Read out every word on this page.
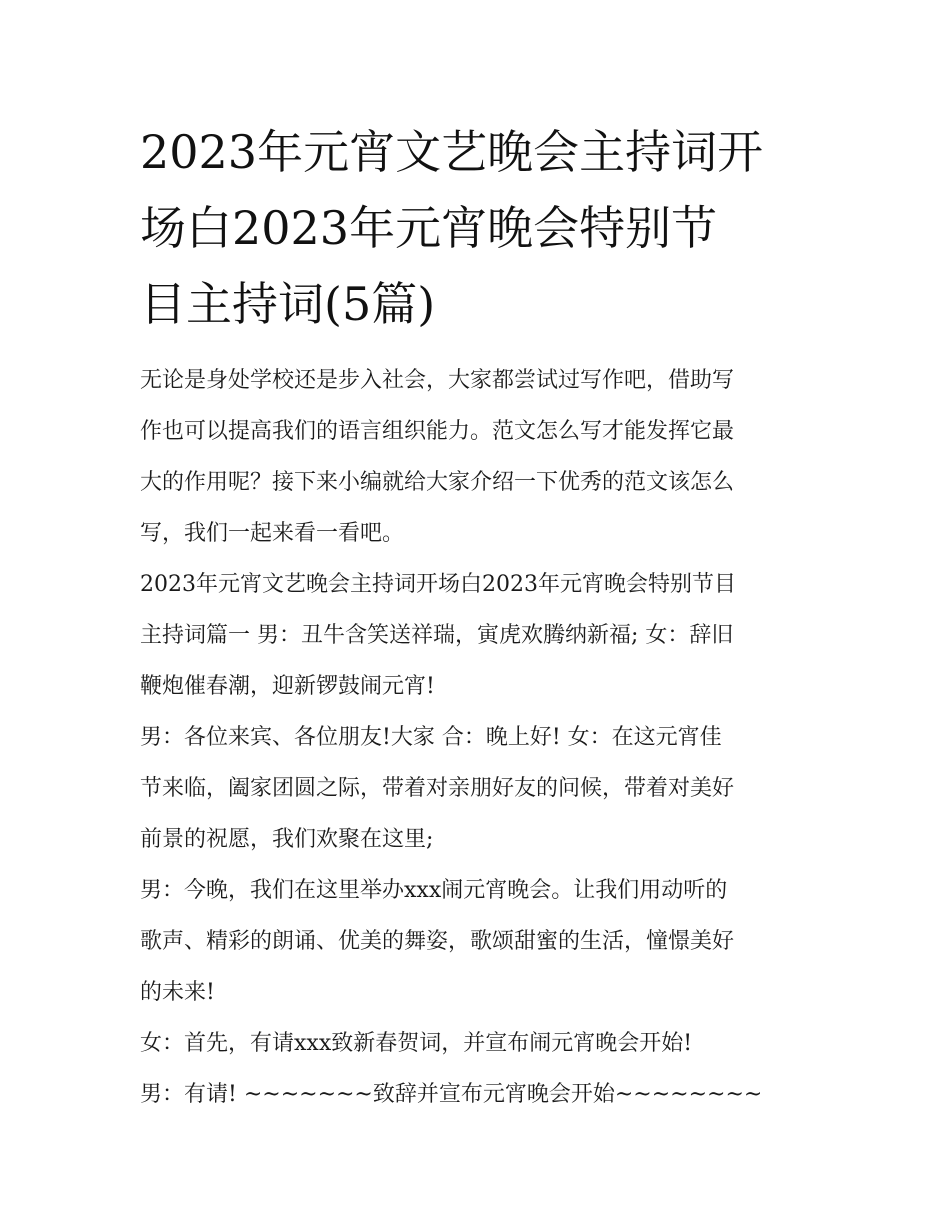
2023年元宵文艺晚会主持词开
场白2023年元宵晚会特别节
目主持词(5篇)
无论是身处学校还是步入社会，大家都尝试过写作吧，借助写
作也可以提高我们的语言组织能力。范文怎么写才能发挥它最
大的作用呢？接下来小编就给大家介绍一下优秀的范文该怎么
写，我们一起来看一看吧。
2023年元宵文艺晚会主持词开场白2023年元宵晚会特别节目
主持词篇一 男：丑牛含笑送祥瑞，寅虎欢腾纳新福; 女：辞旧
鞭炮催春潮，迎新锣鼓闹元宵!
男：各位来宾、各位朋友!大家 合：晚上好! 女：在这元宵佳
节来临，阖家团圆之际，带着对亲朋好友的问候，带着对美好
前景的祝愿，我们欢聚在这里;
男：今晚，我们在这里举办xxx闹元宵晚会。让我们用动听的
歌声、精彩的朗诵、优美的舞姿，歌颂甜蜜的生活，憧憬美好
的未来!
女：首先，有请xxx致新春贺词，并宣布闹元宵晚会开始!
男：有请! ~~~~~~~致辞并宣布元宵晚会开始~~~~~~~~
